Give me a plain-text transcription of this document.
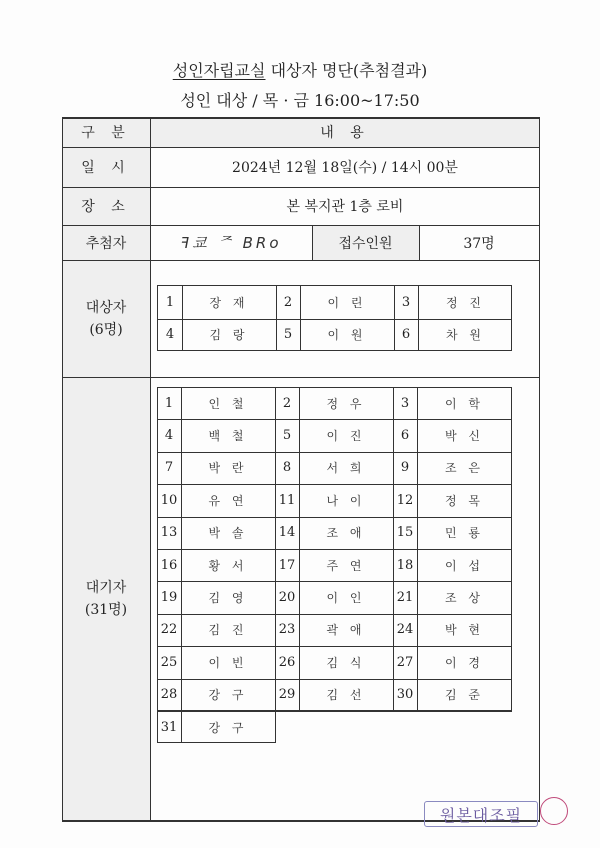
성인자립교실 대상자 명단(추첨결과)
성인 대상 / 목 · 금 16:00~17:50
구 분	내 용
일 시	2024년 12월 18일(수) / 14시 00분
장 소	본 복지관 1층 로비
추첨자	ꟻ쿄 ᄌ BRo	접수인원	37명
대상자
(6명)
대기자
(31명)
1	장 재	2	이 린	3	정 진
4	김 랑	5	이 원	6	차 원
1	인 철	2	정 우	3	이 학
4	백 철	5	이 진	6	박 신
7	박 란	8	서 희	9	조 은
10	유 연	11	나 이	12	정 목
13	박 솔	14	조 애	15	민 룡
16	황 서	17	주 연	18	이 섭
19	김 영	20	이 인	21	조 상
22	김 진	23	곽 애	24	박 현
25	이 빈	26	김 식	27	이 경
28	강 구	29	김 선	30	김 준
31	강 구
원본대조필
